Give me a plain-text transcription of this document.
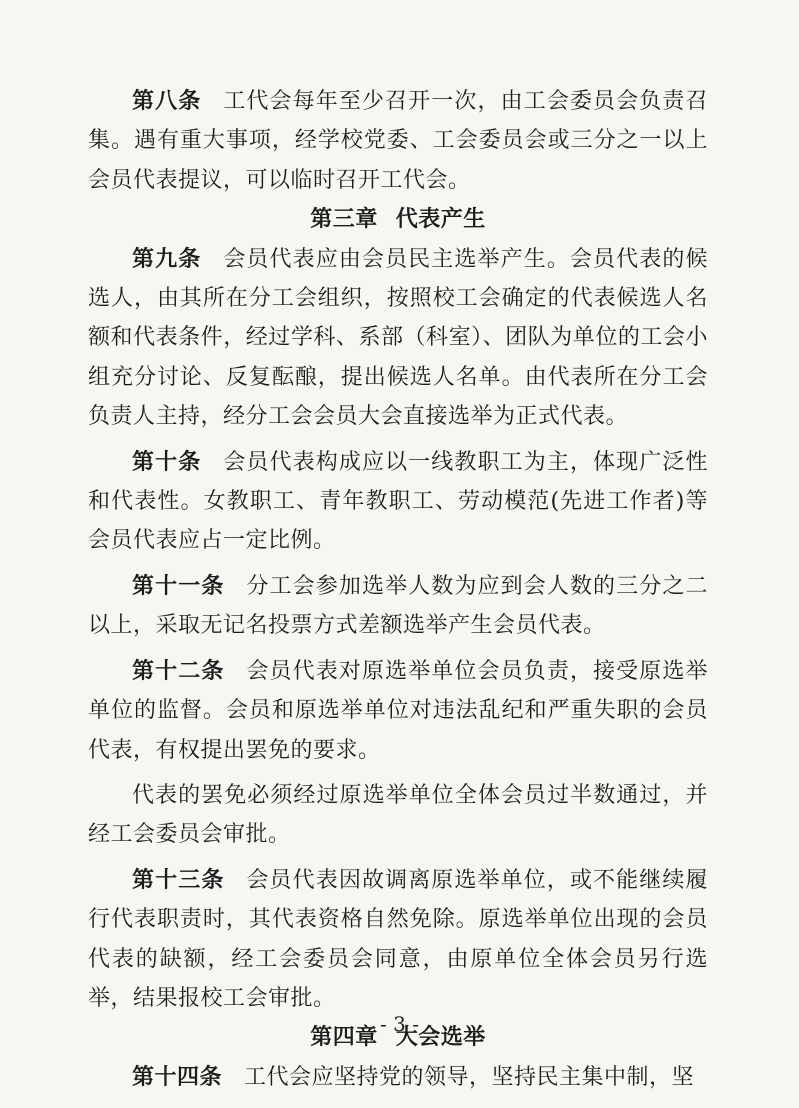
第八条 工代会每年至少召开一次，由工会委员会负责召集。遇有重大事项，经学校党委、工会委员会或三分之一以上会员代表提议，可以临时召开工代会。

第三章 代表产生

第九条 会员代表应由会员民主选举产生。会员代表的候选人，由其所在分工会组织，按照校工会确定的代表候选人名额和代表条件，经过学科、系部（科室）、团队为单位的工会小组充分讨论、反复酝酿，提出候选人名单。由代表所在分工会负责人主持，经分工会会员大会直接选举为正式代表。

第十条 会员代表构成应以一线教职工为主，体现广泛性和代表性。女教职工、青年教职工、劳动模范(先进工作者)等会员代表应占一定比例。

第十一条 分工会参加选举人数为应到会人数的三分之二以上，采取无记名投票方式差额选举产生会员代表。

第十二条 会员代表对原选举单位会员负责，接受原选举单位的监督。会员和原选举单位对违法乱纪和严重失职的会员代表，有权提出罢免的要求。

代表的罢免必须经过原选举单位全体会员过半数通过，并经工会委员会审批。

第十三条 会员代表因故调离原选举单位，或不能继续履行代表职责时，其代表资格自然免除。原选举单位出现的会员代表的缺额，经工会委员会同意，由原单位全体会员另行选举，结果报校工会审批。

第四章 大会选举

第十四条 工代会应坚持党的领导，坚持民主集中制，坚

- 3 -
